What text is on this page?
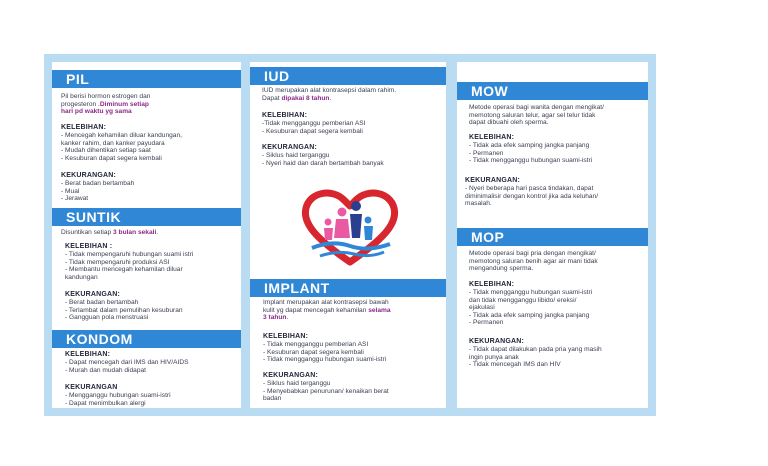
PIL
Pil berisi hormon estrogen dan
progesteron .Diminum setiap
hari pd waktu yg sama
KELEBIHAN:
- Mencegah kehamilan diluar kandungan,
kanker rahim, dan kanker payudara
- Mudah dihentikan setiap saat
- Kesuburan dapat segera kembali
KEKURANGAN:
- Berat badan bertambah
- Mual
- Jerawat
SUNTIK
Disuntikan setiap 3 bulan sekali.
KELEBIHAN :
- Tidak mempengaruhi hubungan suami istri
- Tidak mempengaruhi produksi ASI
- Membantu mencegah kehamilan diluar
kandungan
KEKURANGAN:
- Berat badan bertambah
- Terlambat dalam pemulihan kesuburan
- Gangguan pola menstruasi
KONDOM
KELEBIHAN:
- Dapat mencegah dari IMS dan HIV/AIDS
- Murah dan mudah didapat
KEKURANGAN
- Mengganggu hubungan suami-istri
- Dapat menimbulkan alergi
IUD
IUD merupakan alat kontrasepsi dalam rahim.
Dapat dipakai 8 tahun.
KELEBIHAN:
-Tidak mengganggu pemberian ASI
- Kesuburan dapat segera kembali
KEKURANGAN:
- Siklus haid terganggu
- Nyeri haid dan darah bertambah banyak
IMPLANT
Implant merupakan alat kontrasepsi bawah
kulit yg dapat mencegah kehamilan selama
3 tahun.
KELEBIHAN:
- Tidak mengganggu pemberian ASI
- Kesuburan dapat segera kembali
- Tidak mengganggu hubungan suami-istri
KEKURANGAN:
- Siklus haid terganggu
- Menyebabkan penurunan/ kenaikan berat
badan
MOW
Metode operasi bagi wanita dengan mengikat/
memotong saluran telur, agar sel telur tidak
dapat dibuahi oleh sperma.
KELEBIHAN:
- Tidak ada efek samping jangka panjang
- Permanen
- Tidak mengganggu hubungan suami-istri
KEKURANGAN:
- Nyeri beberapa hari pasca tindakan, dapat
diminimalisir dengan kontrol jika ada keluhan/
masalah.
MOP
Metode operasi bagi pria dengan mengikat/
memotong saluran benih agar air mani tidak
mengandung sperma.
KELEBIHAN:
- Tidak mengganggu hubungan suami-istri
dan tidak mengganggu libido/ ereksi/
ejakulasi
- Tidak ada efek samping jangka panjang
- Permanen
KEKURANGAN:
- Tidak dapat dilakukan pada pria yang masih
ingin punya anak
- Tidak mencegah IMS dan HIV
